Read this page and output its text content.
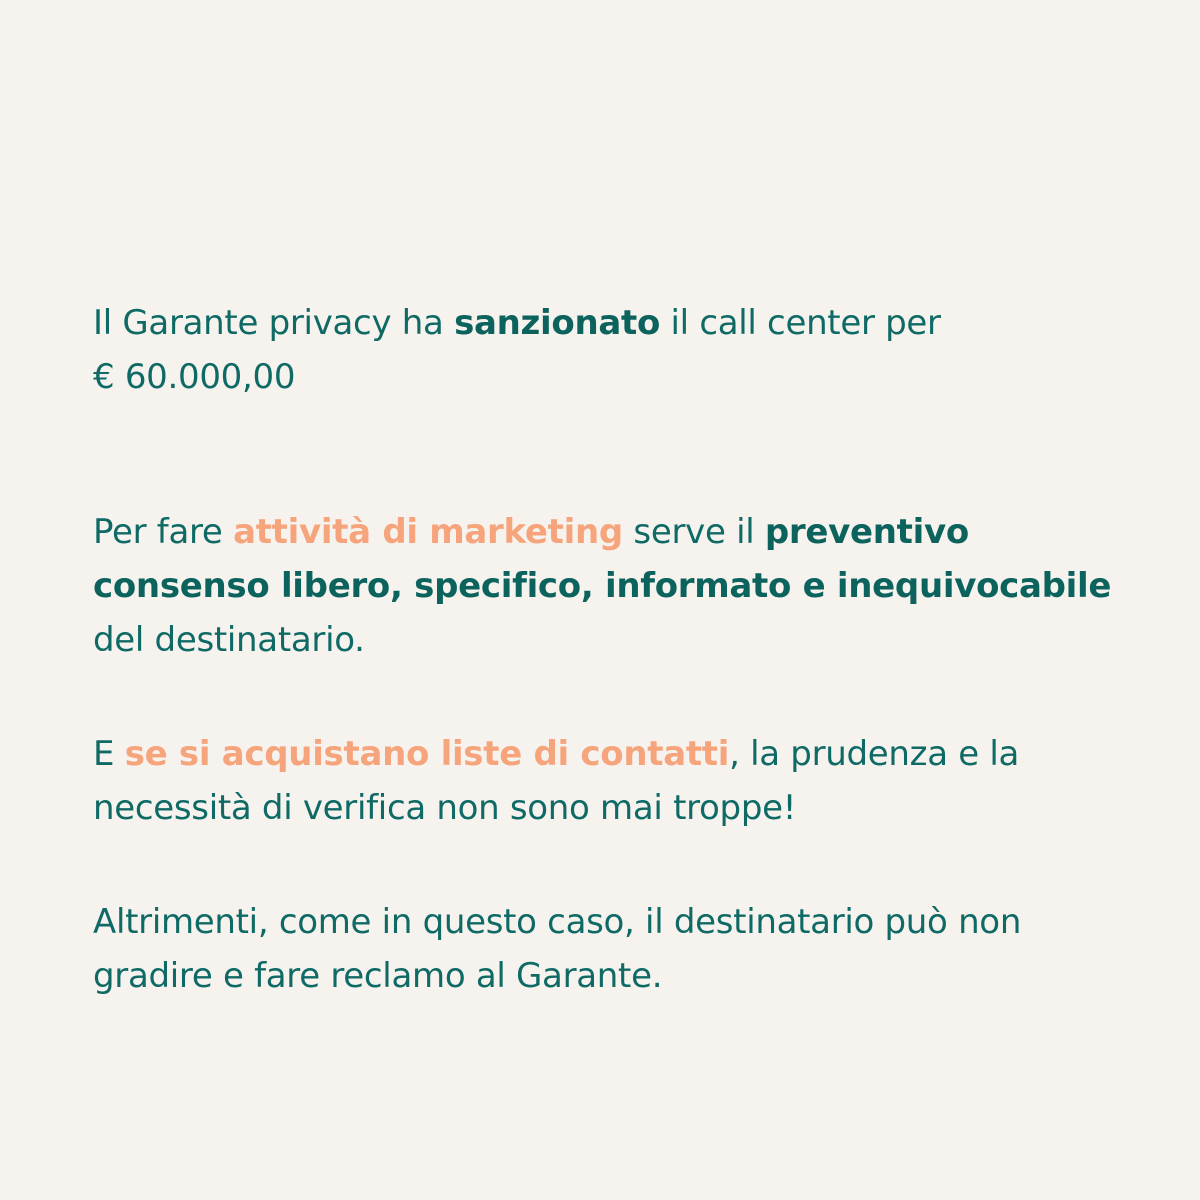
Il Garante privacy ha sanzionato il call center per
€ 60.000,00

Per fare attività di marketing serve il preventivo consenso libero, specifico, informato e inequivocabile del destinatario.

E se si acquistano liste di contatti, la prudenza e la necessità di verifica non sono mai troppe!

Altrimenti, come in questo caso, il destinatario può non gradire e fare reclamo al Garante.
